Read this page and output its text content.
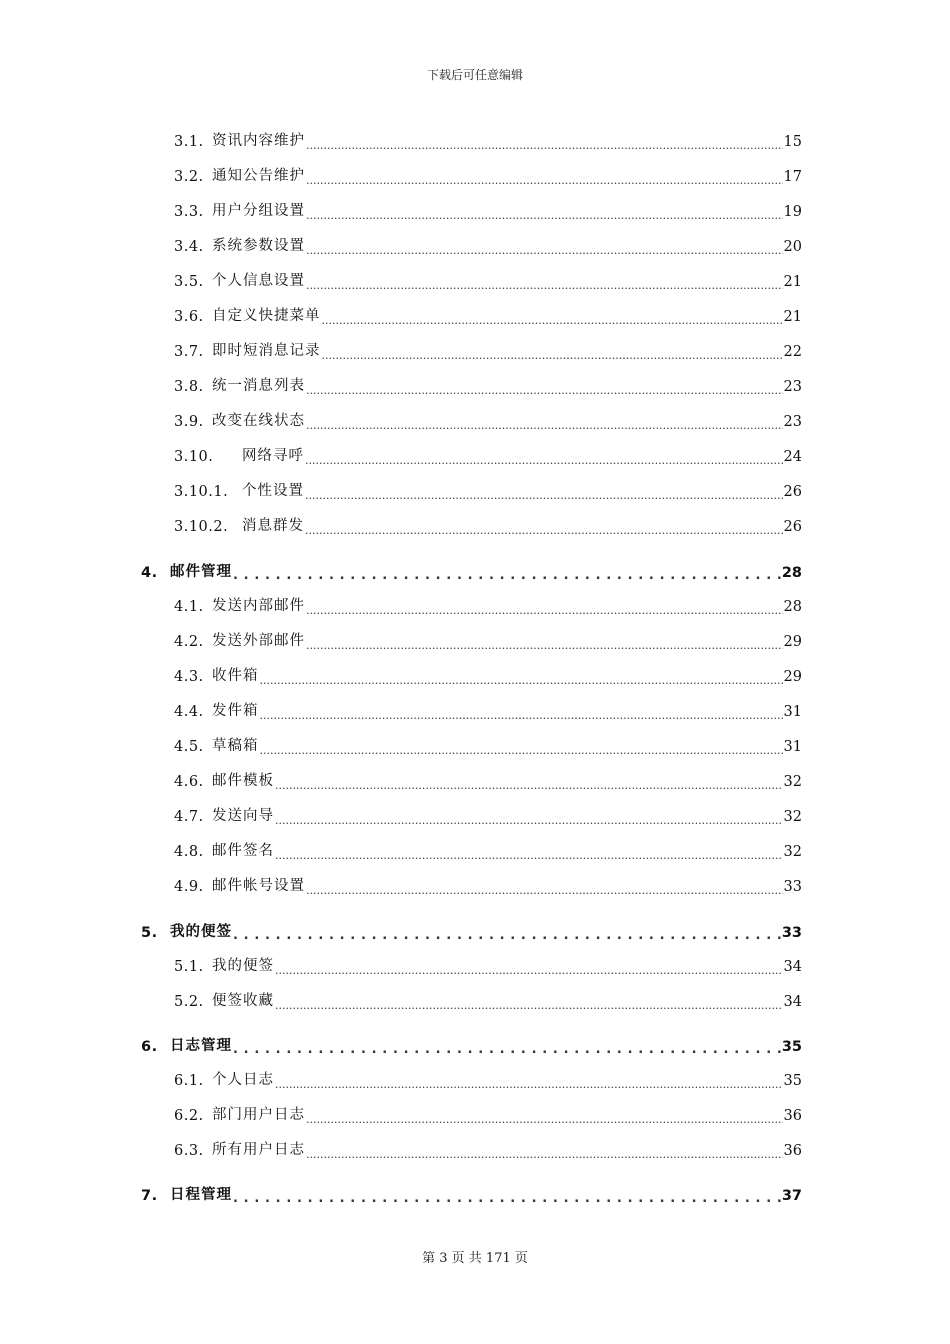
下载后可任意编辑
3.1. 资讯内容维护 .....	15
3.2. 通知公告维护 .....	17
3.3. 用户分组设置 .....	19
3.4. 系统参数设置 .....	20
3.5. 个人信息设置 .....	21
3.6. 自定义快捷菜单 .....	21
3.7. 即时短消息记录 .....	22
3.8. 统一消息列表 .....	23
3.9. 改变在线状态 .....	23
3.10.	网络寻呼 .....	24
3.10.1. 个性设置 .....	26
3.10.2. 消息群发 .....	26
4. 邮件管理 . . .	28
4.1. 发送内部邮件 .....	28
4.2. 发送外部邮件 .....	29
4.3. 收件箱 .....	29
4.4. 发件箱 .....	31
4.5. 草稿箱 .....	31
4.6. 邮件模板 .....	32
4.7. 发送向导 .....	32
4.8. 邮件签名 .....	32
4.9. 邮件帐号设置 .....	33
5. 我的便签 . . .	33
5.1. 我的便签 .....	34
5.2. 便签收藏 .....	34
6. 日志管理 . . .	35
6.1. 个人日志 .....	35
6.2. 部门用户日志 .....	36
6.3. 所有用户日志 .....	36
7. 日程管理 . . .	37
第 3 页 共 171 页
